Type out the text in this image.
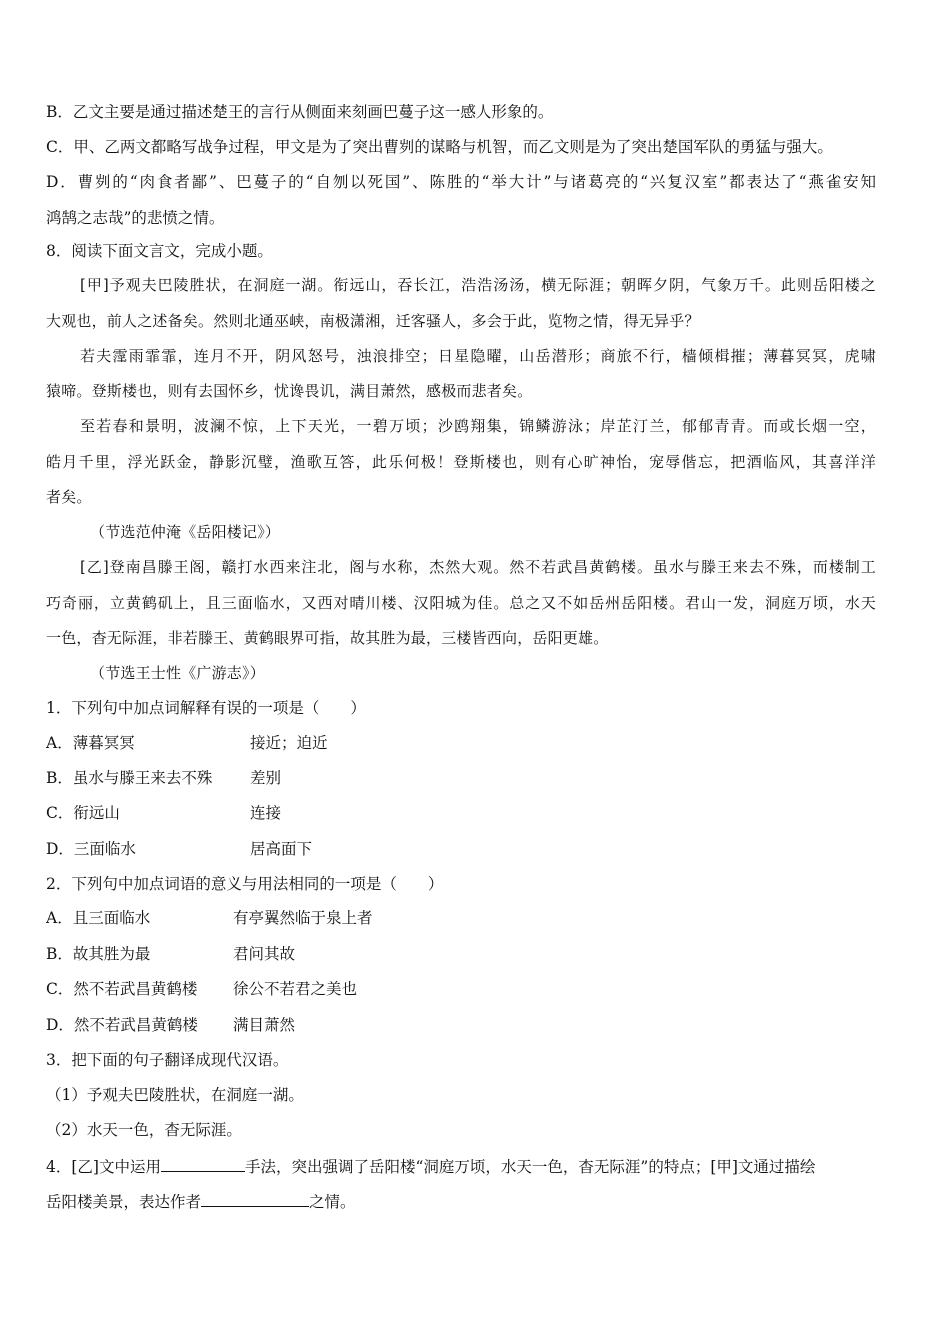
B．乙文主要是通过描述楚王的言行从侧面来刻画巴蔓子这一感人形象的。
C．甲、乙两文都略写战争过程，甲文是为了突出曹刿的谋略与机智，而乙文则是为了突出楚国军队的勇猛与强大。
D．曹刿的“肉食者鄙”、巴蔓子的“自刎以死国”、陈胜的“举大计”与诸葛亮的“兴复汉室”都表达了“燕雀安知
鸿鹄之志哉”的悲愤之情。
8．阅读下面文言文，完成小题。
[甲]予观夫巴陵胜状，在洞庭一湖。衔远山，吞长江，浩浩汤汤，横无际涯；朝晖夕阴，气象万千。此则岳阳楼之
大观也，前人之述备矣。然则北通巫峡，南极潇湘，迁客骚人，多会于此，览物之情，得无异乎？
若夫霪雨霏霏，连月不开，阴风怒号，浊浪排空；日星隐曜，山岳潜形；商旅不行，樯倾楫摧；薄暮冥冥，虎啸
猿啼。登斯楼也，则有去国怀乡，忧谗畏讥，满目萧然，感极而悲者矣。
至若春和景明，波澜不惊，上下天光，一碧万顷；沙鸥翔集，锦鳞游泳；岸芷汀兰，郁郁青青。而或长烟一空，
皓月千里，浮光跃金，静影沉璧，渔歌互答，此乐何极！登斯楼也，则有心旷神怡，宠辱偕忘，把酒临风，其喜洋洋
者矣。
（节选范仲淹《岳阳楼记》）
[乙]登南昌滕王阁，赣打水西来注北，阁与水称，杰然大观。然不若武昌黄鹤楼。虽水与滕王来去不殊，而楼制工
巧奇丽，立黄鹤矶上，且三面临水，又西对晴川楼、汉阳城为佳。总之又不如岳州岳阳楼。君山一发，洞庭万顷，水天
一色，杳无际涯，非若滕王、黄鹤眼界可指，故其胜为最，三楼皆西向，岳阳更雄。
（节选王士性《广游志》）
1．下列句中加点词解释有误的一项是（　　）
A．薄暮冥冥	接近；迫近
B．虽水与滕王来去不殊 差别
C．衔远山	连接
D．三面临水	居高面下
2．下列句中加点词语的意义与用法相同的一项是（　　）
A．且三面临水	有亭翼然临于泉上者
B．故其胜为最	君问其故
C．然不若武昌黄鹤楼 徐公不若君之美也
D．然不若武昌黄鹤楼 满目萧然
3．把下面的句子翻译成现代汉语。
（1）予观夫巴陵胜状，在洞庭一湖。
（2）水天一色，杳无际涯。
4．[乙]文中运用	手法，突出强调了岳阳楼“洞庭万顷，水天一色，杳无际涯”的特点；[甲]文通过描绘
岳阳楼美景，表达作者	之情。
